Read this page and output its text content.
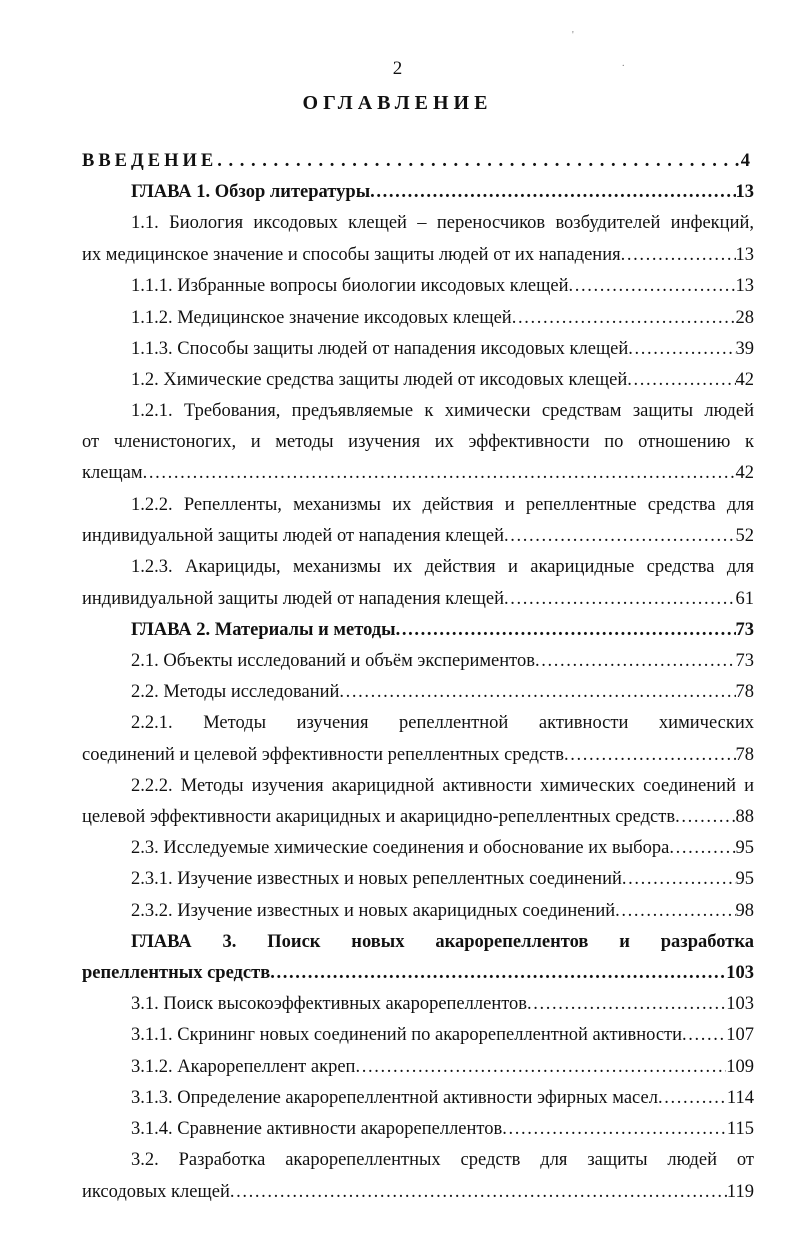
'
.
2
ОГЛАВЛЕНИЕ
ВВЕДЕНИЕ . . .	4
ГЛАВА 1. Обзор литературы . . .	13
1.1. Биология иксодовых клещей – переносчиков возбудителей инфекций,
их медицинское значение и способы защиты людей от их нападения . . .	13
1.1.1. Избранные вопросы биологии иксодовых клещей . . .	13
1.1.2. Медицинское значение иксодовых клещей . . .	28
1.1.3. Способы защиты людей от нападения иксодовых клещей . . .	39
1.2. Химические средства защиты людей от иксодовых клещей . . .	42
1.2.1. Требования, предъявляемые к химически средствам защиты людей
от членистоногих, и методы изучения их эффективности по отношению к
клещам . . .	42
1.2.2. Репелленты, механизмы их действия и репеллентные средства для
индивидуальной защиты людей от нападения клещей . . .	52
1.2.3. Акарициды, механизмы их действия и акарицидные средства для
индивидуальной защиты людей от нападения клещей . . .	61
ГЛАВА 2. Материалы и методы . . .	73
2.1. Объекты исследований и объём экспериментов . . .	73
2.2. Методы исследований . . .	78
2.2.1. Методы изучения репеллентной активности химических
соединений и целевой эффективности репеллентных средств . . .	78
2.2.2. Методы изучения акарицидной активности химических соединений и
целевой эффективности акарицидных и акарицидно-репеллентных средств . . .	88
2.3. Исследуемые химические соединения и обоснование их выбора . . .	95
2.3.1. Изучение известных и новых репеллентных соединений . . .	95
2.3.2. Изучение известных и новых акарицидных соединений . . .	98
ГЛАВА 3. Поиск новых акарорепеллентов и разработка
репеллентных средств . . .	103
3.1. Поиск высокоэффективных акарорепеллентов . . .	103
3.1.1. Скрининг новых соединений по акарорепеллентной активности . . . 107
3.1.2. Акарорепеллент акреп . . .	109
3.1.3. Определение акарорепеллентной активности эфирных масел . . .	114
3.1.4. Сравнение активности акарорепеллентов . . .	115
3.2. Разработка акарорепеллентных средств для защиты людей от
иксодовых клещей . . .	119
